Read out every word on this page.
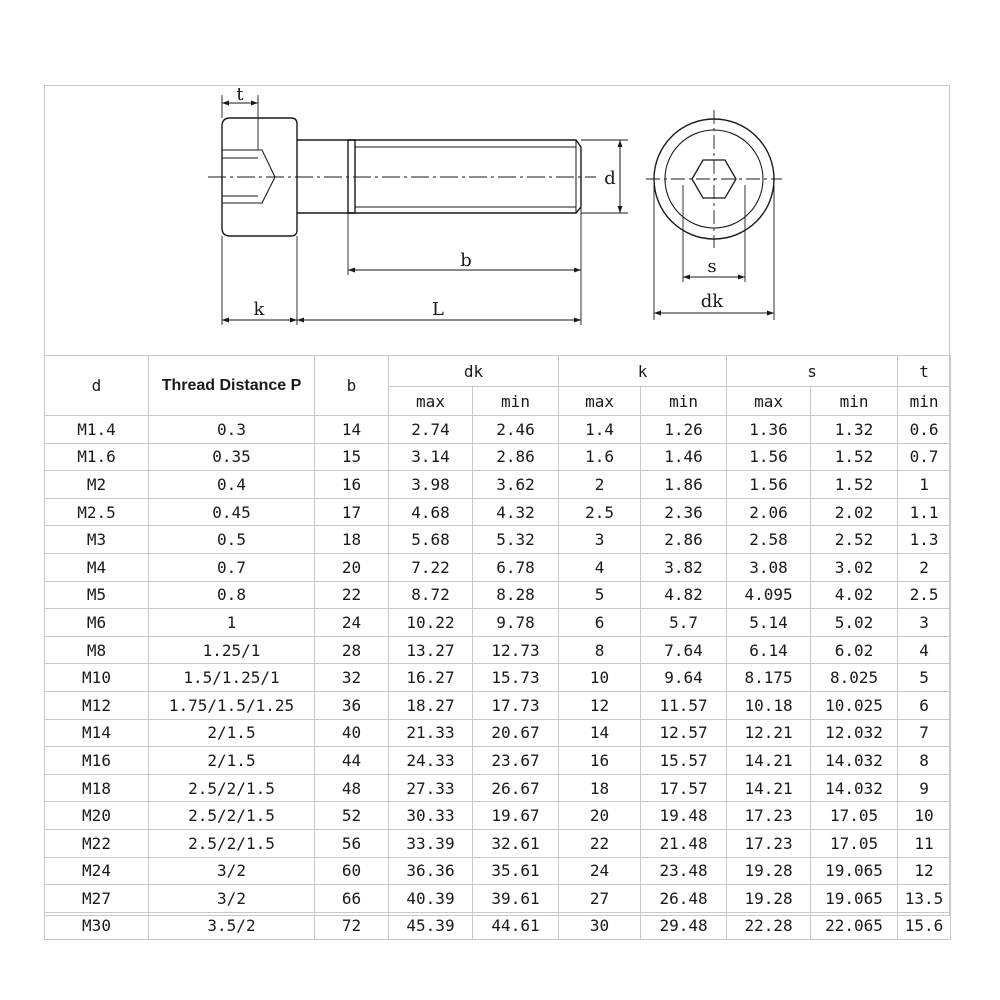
t
d
b
k	L
s
dk
d	Thread Distance P	b	dk		k		s		t
			max	min	max	min	max	min	min
M1.4	0.3	14	2.74	2.46	1.4	1.26	1.36	1.32	0.6
M1.6	0.35	15	3.14	2.86	1.6	1.46	1.56	1.52	0.7
M2	0.4	16	3.98	3.62	2	1.86	1.56	1.52	1
M2.5	0.45	17	4.68	4.32	2.5	2.36	2.06	2.02	1.1
M3	0.5	18	5.68	5.32	3	2.86	2.58	2.52	1.3
M4	0.7	20	7.22	6.78	4	3.82	3.08	3.02	2
M5	0.8	22	8.72	8.28	5	4.82	4.095	4.02	2.5
M6	1	24	10.22	9.78	6	5.7	5.14	5.02	3
M8	1.25/1	28	13.27	12.73	8	7.64	6.14	6.02	4
M10	1.5/1.25/1	32	16.27	15.73	10	9.64	8.175	8.025	5
M12	1.75/1.5/1.25	36	18.27	17.73	12	11.57	10.18	10.025	6
M14	2/1.5	40	21.33	20.67	14	12.57	12.21	12.032	7
M16	2/1.5	44	24.33	23.67	16	15.57	14.21	14.032	8
M18	2.5/2/1.5	48	27.33	26.67	18	17.57	14.21	14.032	9
M20	2.5/2/1.5	52	30.33	19.67	20	19.48	17.23	17.05	10
M22	2.5/2/1.5	56	33.39	32.61	22	21.48	17.23	17.05	11
M24	3/2	60	36.36	35.61	24	23.48	19.28	19.065	12
M27	3/2	66	40.39	39.61	27	26.48	19.28	19.065	13.5
M30	3.5/2	72	45.39	44.61	30	29.48	22.28	22.065	15.6
